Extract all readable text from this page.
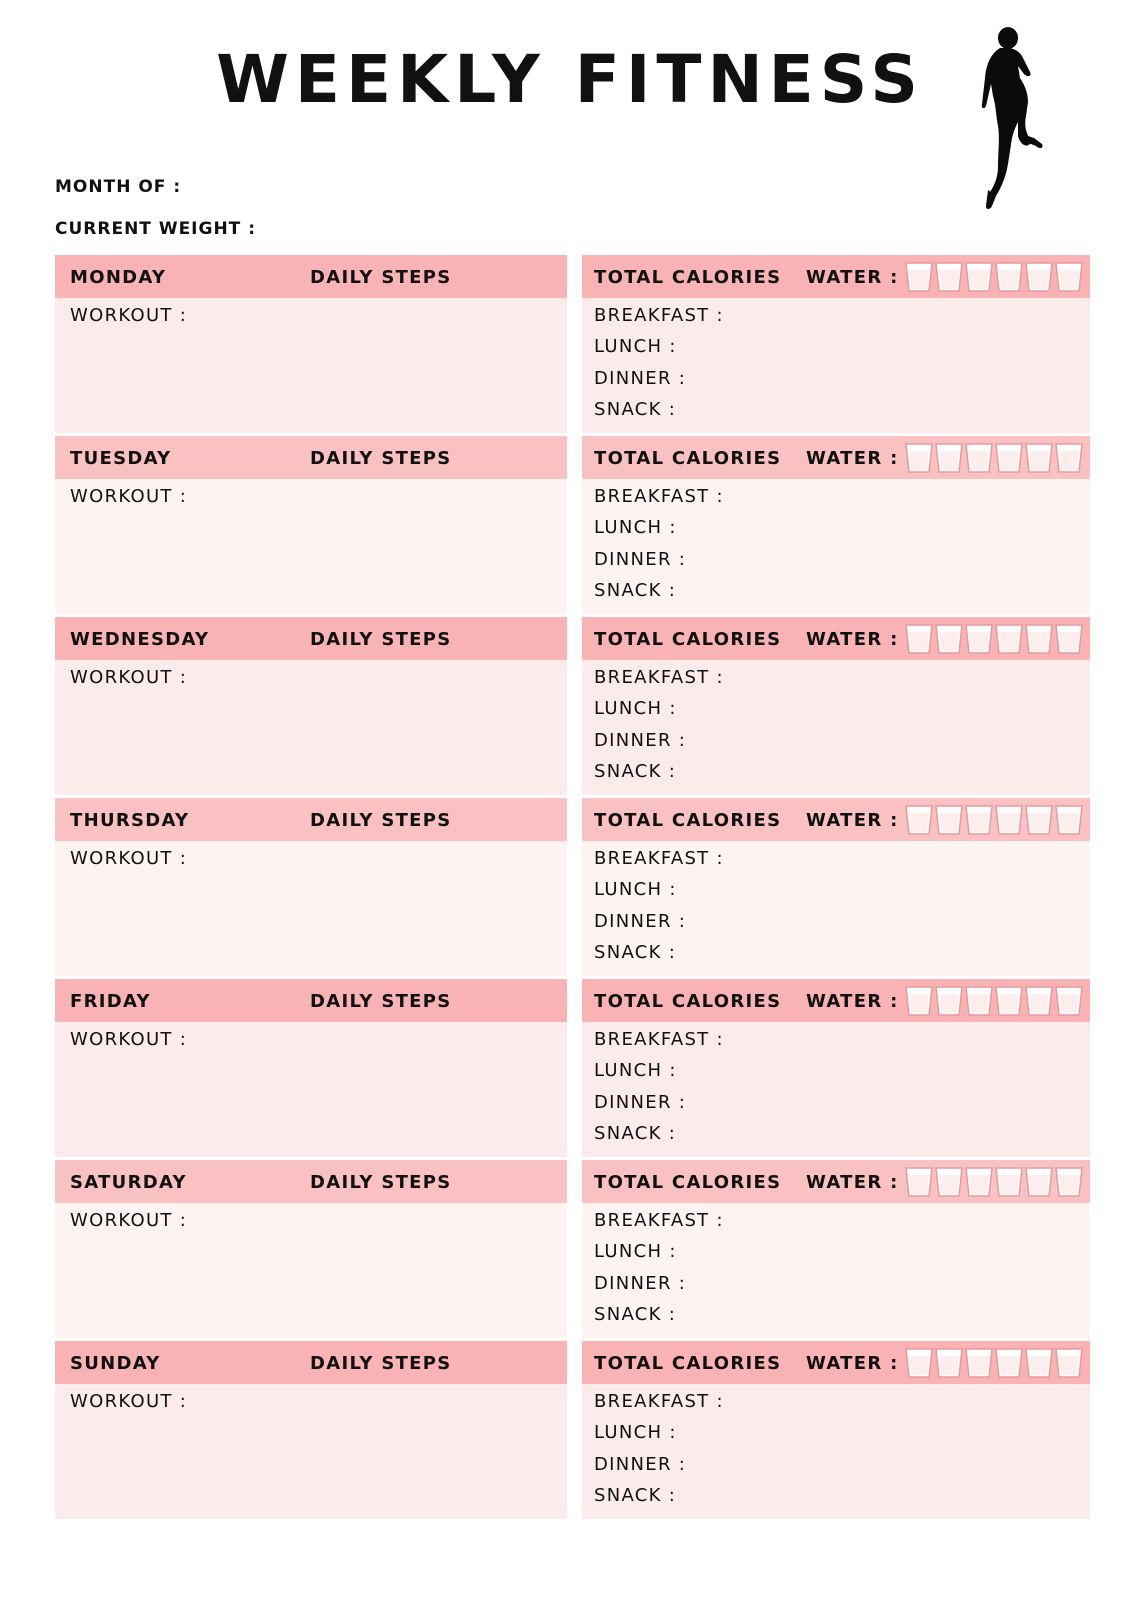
WEEKLY FITNESS
MONTH OF :
CURRENT WEIGHT :
MONDAY	DAILY STEPS
WORKOUT :
TOTAL CALORIES WATER :
BREAKFAST :
LUNCH :
DINNER :
SNACK :
TUESDAY	DAILY STEPS
WORKOUT :
TOTAL CALORIES WATER :
BREAKFAST :
LUNCH :
DINNER :
SNACK :
WEDNESDAY	DAILY STEPS
WORKOUT :
TOTAL CALORIES WATER :
BREAKFAST :
LUNCH :
DINNER :
SNACK :
THURSDAY	DAILY STEPS
WORKOUT :
TOTAL CALORIES WATER :
BREAKFAST :
LUNCH :
DINNER :
SNACK :
FRIDAY	DAILY STEPS
WORKOUT :
TOTAL CALORIES WATER :
BREAKFAST :
LUNCH :
DINNER :
SNACK :
SATURDAY	DAILY STEPS
WORKOUT :
TOTAL CALORIES WATER :
BREAKFAST :
LUNCH :
DINNER :
SNACK :
SUNDAY	DAILY STEPS
WORKOUT :
TOTAL CALORIES WATER :
BREAKFAST :
LUNCH :
DINNER :
SNACK :
